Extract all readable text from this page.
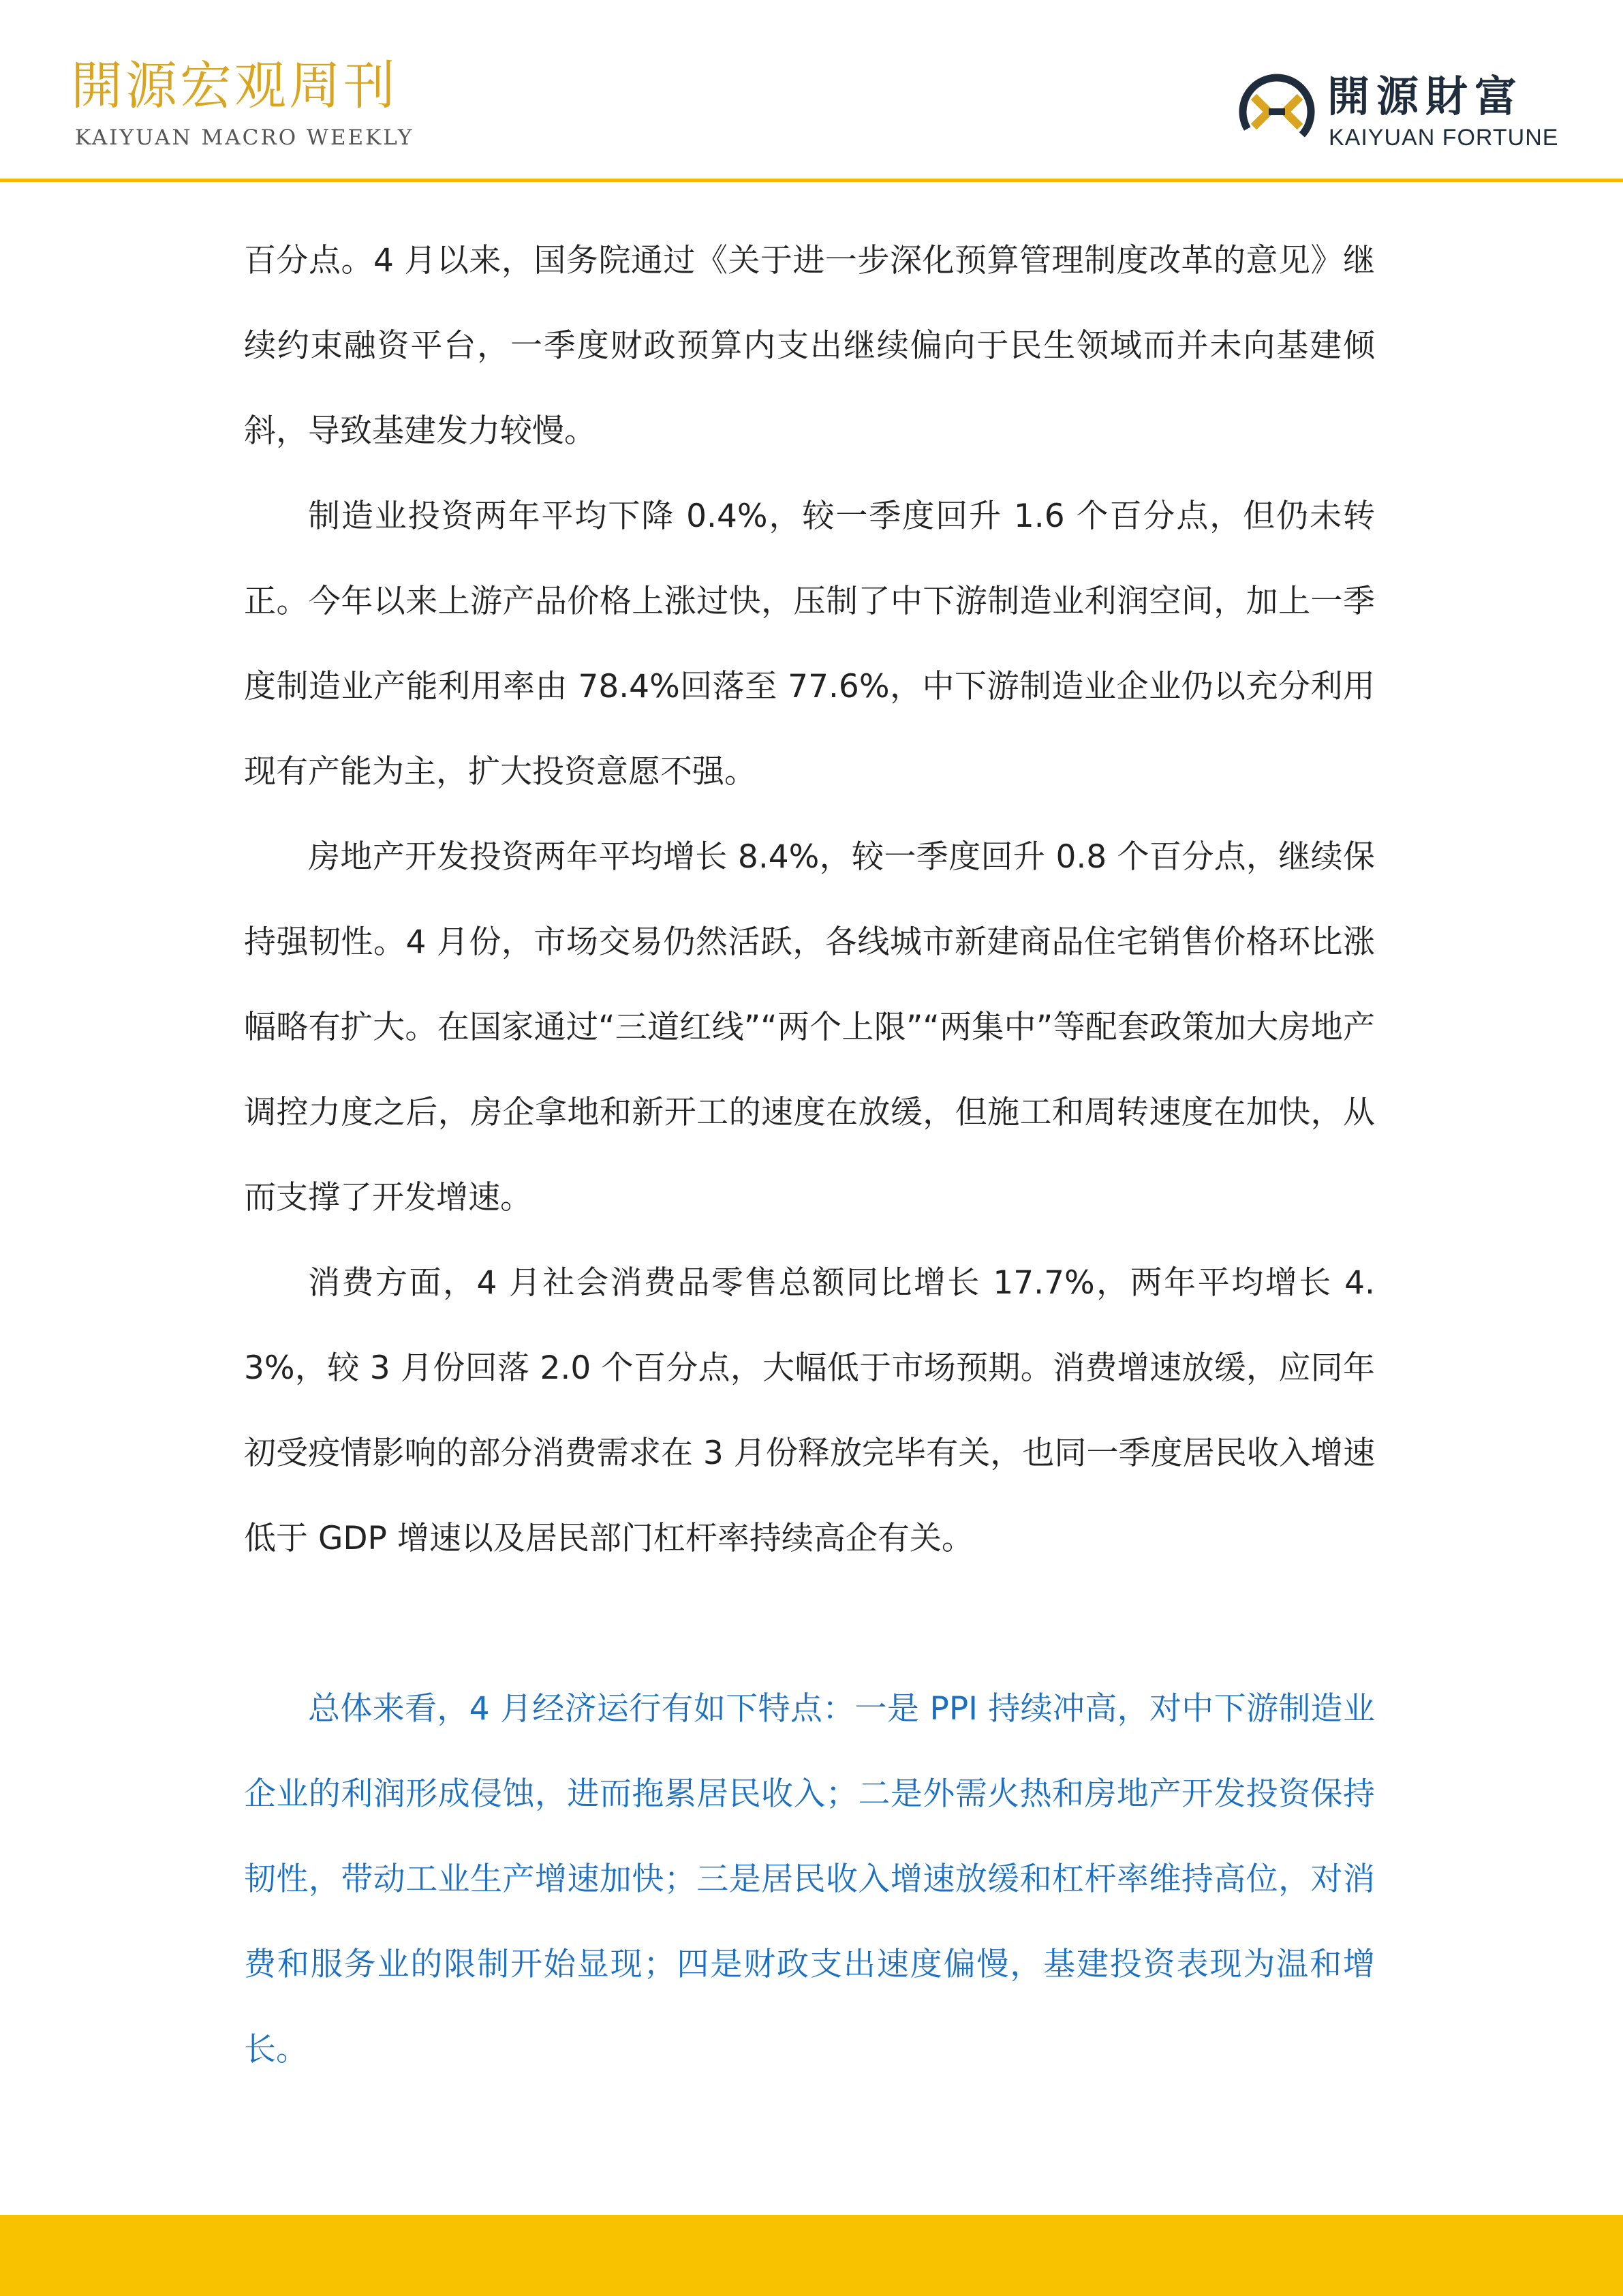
開源宏观周刊
KAIYUAN MACRO WEEKLY
開源財富
KAIYUAN FORTUNE

百分点。4 月以来，国务院通过《关于进一步深化预算管理制度改革的意见》继续约束融资平台，一季度财政预算内支出继续偏向于民生领域而并未向基建倾斜，导致基建发力较慢。

制造业投资两年平均下降 0.4%，较一季度回升 1.6 个百分点，但仍未转正。今年以来上游产品价格上涨过快，压制了中下游制造业利润空间，加上一季度制造业产能利用率由 78.4%回落至 77.6%，中下游制造业企业仍以充分利用现有产能为主，扩大投资意愿不强。

房地产开发投资两年平均增长 8.4%，较一季度回升 0.8 个百分点，继续保持强韧性。4 月份，市场交易仍然活跃，各线城市新建商品住宅销售价格环比涨幅略有扩大。在国家通过“三道红线”“两个上限”“两集中”等配套政策加大房地产调控力度之后，房企拿地和新开工的速度在放缓，但施工和周转速度在加快，从而支撑了开发增速。

消费方面，4 月社会消费品零售总额同比增长 17.7%，两年平均增长 4.3%，较 3 月份回落 2.0 个百分点，大幅低于市场预期。消费增速放缓，应同年初受疫情影响的部分消费需求在 3 月份释放完毕有关，也同一季度居民收入增速低于 GDP 增速以及居民部门杠杆率持续高企有关。

总体来看，4 月经济运行有如下特点：一是 PPI 持续冲高，对中下游制造业企业的利润形成侵蚀，进而拖累居民收入；二是外需火热和房地产开发投资保持韧性，带动工业生产增速加快；三是居民收入增速放缓和杠杆率维持高位，对消费和服务业的限制开始显现；四是财政支出速度偏慢，基建投资表现为温和增长。
